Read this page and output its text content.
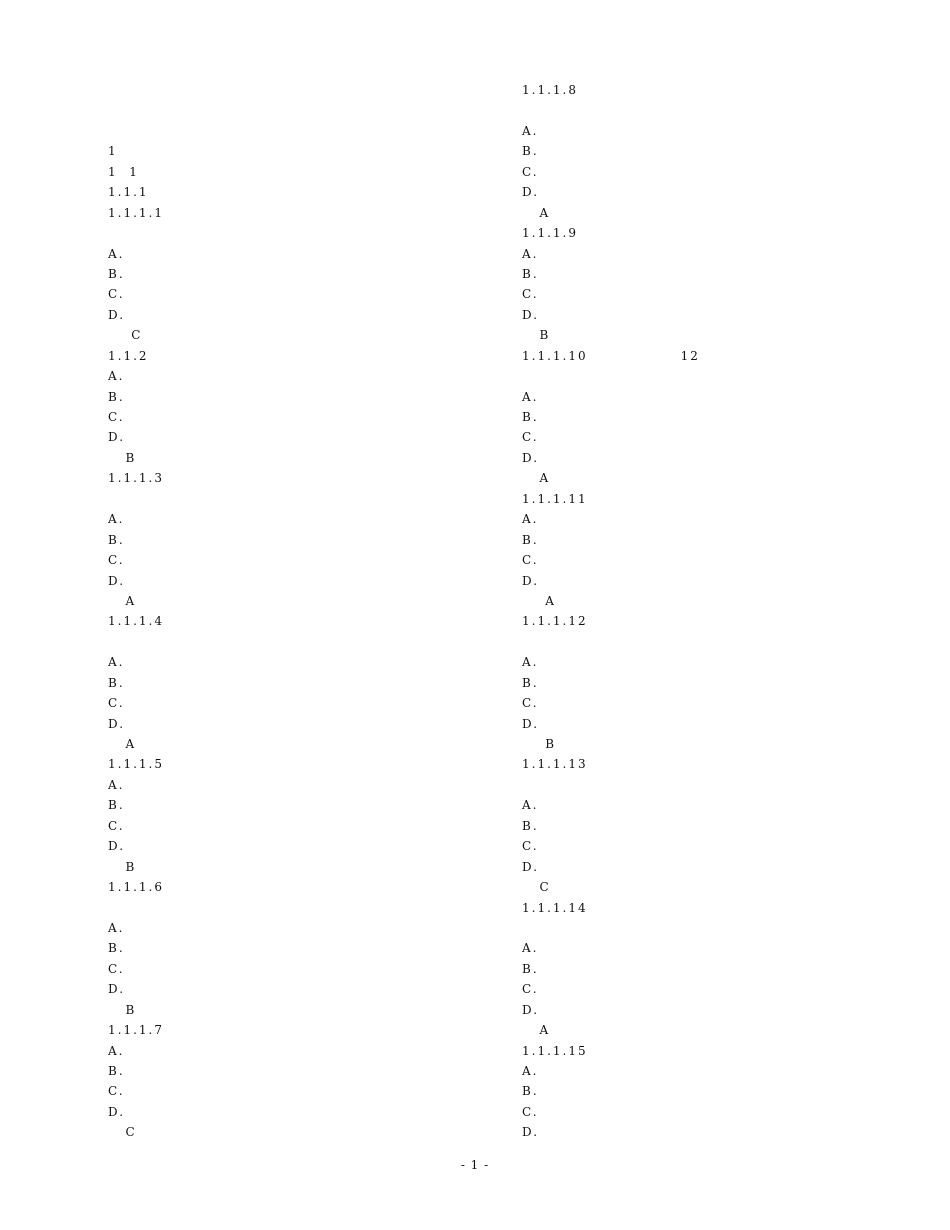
1
1  1
1.1.1
1.1.1.1

A.
B.
C.
D.
C
1.1.2
A.
B.
C.
D.
B
1.1.1.3

A.
B.
C.
D.
A
1.1.1.4

A.
B.
C.
D.
A
1.1.1.5
A.
B.
C.
D.
B
1.1.1.6

A.
B.
C.
D.
B
1.1.1.7
A.
B.
C.
D.
C
1.1.1.8

A.
B.
C.
D.
A
1.1.1.9
A.
B.
C.
D.
B
1.1.1.10                12

A.
B.
C.
D.
A
1.1.1.11
A.
B.
C.
D.
A
1.1.1.12

A.
B.
C.
D.
B
1.1.1.13

A.
B.
C.
D.
C
1.1.1.14

A.
B.
C.
D.
A
1.1.1.15
A.
B.
C.
D.
- 1 -
